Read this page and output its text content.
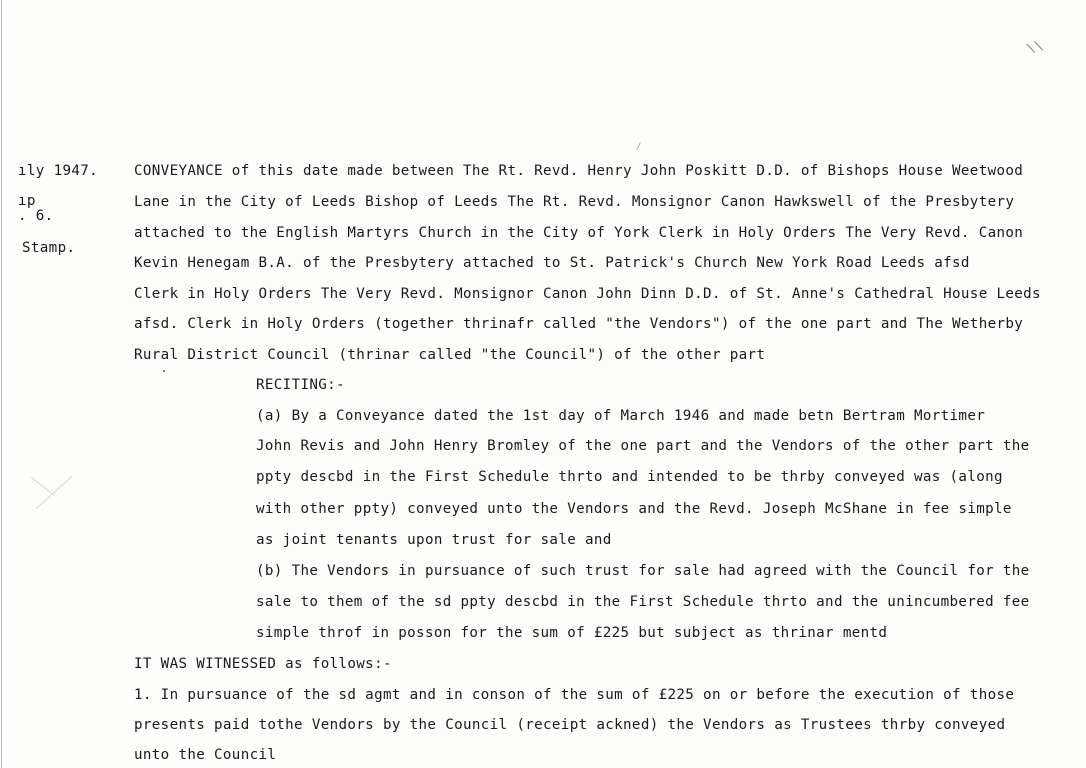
\\
/
ıly 1947.
ıp
. 6.
Stamp.
CONVEYANCE of this date made between The Rt. Revd. Henry John Poskitt D.D. of Bishops House Weetwood
Lane in the City of Leeds Bishop of Leeds The Rt. Revd. Monsignor Canon Hawkswell of the Presbytery
attached to the English Martyrs Church in the City of York Clerk in Holy Orders The Very Revd. Canon
Kevin Henegam B.A. of the Presbytery attached to St. Patrick's Church New York Road Leeds afsd
Clerk in Holy Orders The Very Revd. Monsignor Canon John Dinn D.D. of St. Anne's Cathedral House Leeds
afsd. Clerk in Holy Orders (together thrinafr called "the Vendors") of the one part and The Wetherby
Rural District Council (thrinar called "the Council") of the other part
RECITING:-
(a) By a Conveyance dated the 1st day of March 1946 and made betn Bertram Mortimer
John Revis and John Henry Bromley of the one part and the Vendors of the other part the
ppty descbd in the First Schedule thrto and intended to be thrby conveyed was (along
with other ppty) conveyed unto the Vendors and the Revd. Joseph McShane in fee simple
as joint tenants upon trust for sale and
(b) The Vendors in pursuance of such trust for sale had agreed with the Council for the
sale to them of the sd ppty descbd in the First Schedule thrto and the unincumbered fee
simple throf in posson for the sum of £225 but subject as thrinar mentd
IT WAS WITNESSED as follows:-
1. In pursuance of the sd agmt and in conson of the sum of £225 on or before the execution of those
presents paid tothe Vendors by the Council (receipt ackned) the Vendors as Trustees thrby conveyed
unto the Council
